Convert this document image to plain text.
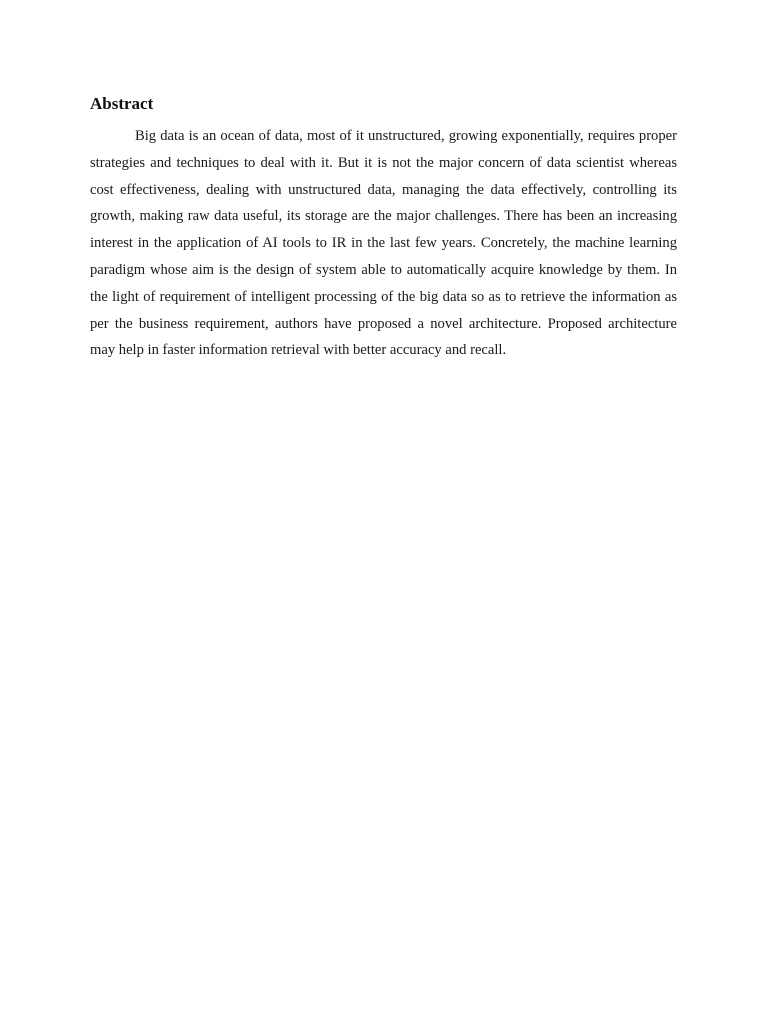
Abstract

Big data is an ocean of data, most of it unstructured, growing exponentially, requires proper strategies and techniques to deal with it. But it is not the major concern of data scientist whereas cost effectiveness, dealing with unstructured data, managing the data effectively, controlling its growth, making raw data useful, its storage are the major challenges. There has been an increasing interest in the application of AI tools to IR in the last few years. Concretely, the machine learning paradigm whose aim is the design of system able to automatically acquire knowledge by them. In the light of requirement of intelligent processing of the big data so as to retrieve the information as per the business requirement, authors have proposed a novel architecture. Proposed architecture may help in faster information retrieval with better accuracy and recall.
